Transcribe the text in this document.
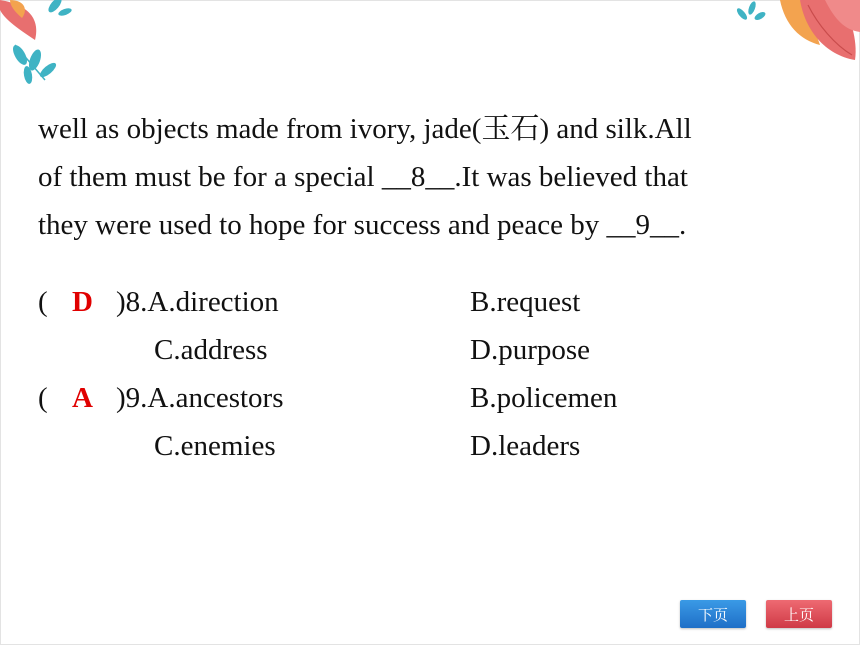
well as objects made from ivory, jade(玉石) and silk.All
of them must be for a special __8__.It was believed that
they were used to hope for success and peace by __9__.
( D )8.A.direction	B.request
C.address	D.purpose
( A )9.A.ancestors	B.policemen
C.enemies	D.leaders
下页	上页
